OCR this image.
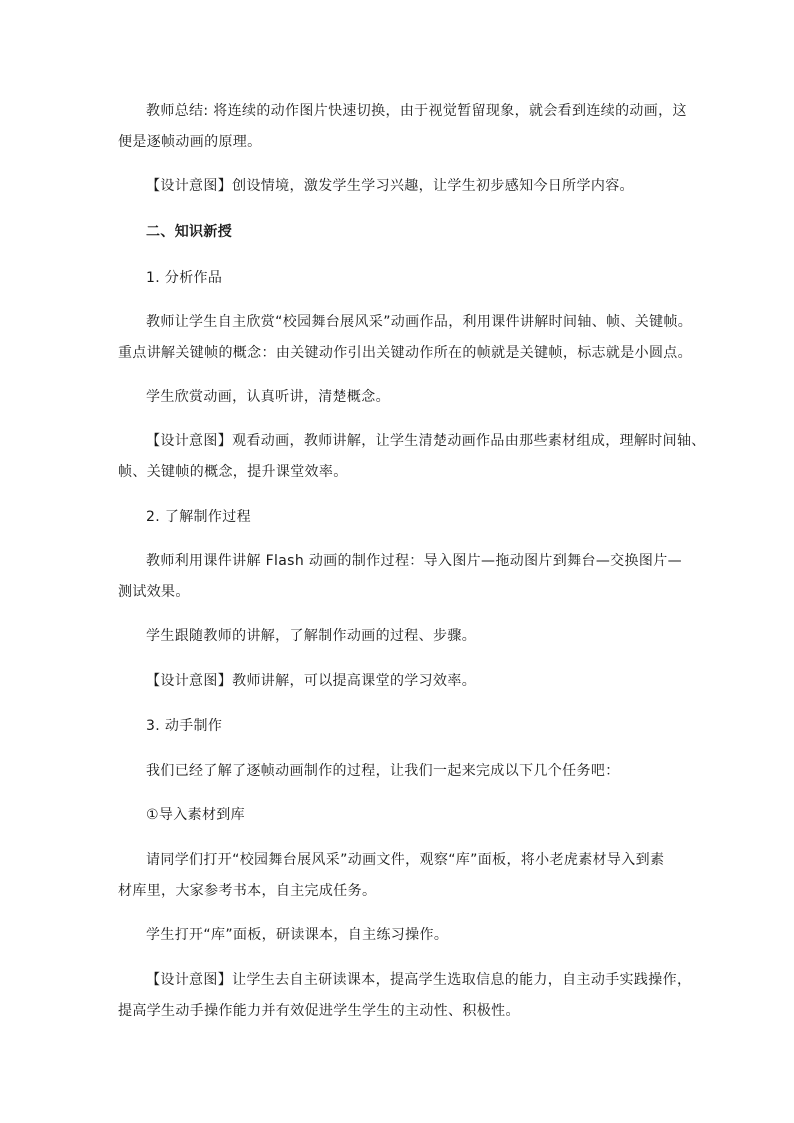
教师总结: 将连续的动作图片快速切换，由于视觉暂留现象，就会看到连续的动画，这
便是逐帧动画的原理。
【设计意图】创设情境，激发学生学习兴趣，让学生初步感知今日所学内容。
二、知识新授
1. 分析作品
教师让学生自主欣赏“校园舞台展风采”动画作品，利用课件讲解时间轴、帧、关键帧。
重点讲解关键帧的概念：由关键动作引出关键动作所在的帧就是关键帧，标志就是小圆点。
学生欣赏动画，认真听讲，清楚概念。
【设计意图】观看动画，教师讲解，让学生清楚动画作品由那些素材组成，理解时间轴、
帧、关键帧的概念，提升课堂效率。
2. 了解制作过程
教师利用课件讲解 Flash 动画的制作过程：导入图片—拖动图片到舞台—交换图片—
测试效果。
学生跟随教师的讲解，了解制作动画的过程、步骤。
【设计意图】教师讲解，可以提高课堂的学习效率。
3. 动手制作
我们已经了解了逐帧动画制作的过程，让我们一起来完成以下几个任务吧：
①导入素材到库
请同学们打开“校园舞台展风采”动画文件，观察“库”面板，将小老虎素材导入到素
材库里，大家参考书本，自主完成任务。
学生打开“库”面板，研读课本，自主练习操作。
【设计意图】让学生去自主研读课本，提高学生选取信息的能力，自主动手实践操作，
提高学生动手操作能力并有效促进学生学生的主动性、积极性。
